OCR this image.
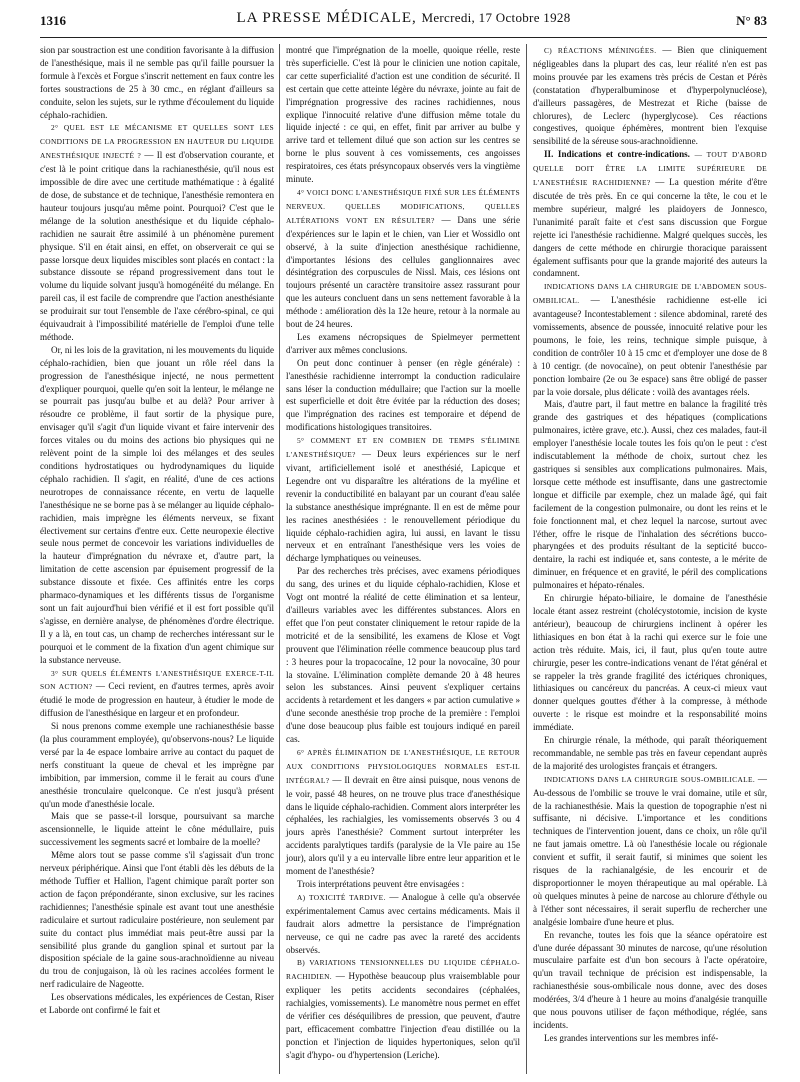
1316	LA PRESSE MÉDICALE, Mercredi, 17 Octobre 1928	N° 83

sion par soustraction est une condition favorisante à la diffusion de l'anesthésique, mais il ne semble pas qu'il faille poursuer la formule à l'excès et Forgue s'inscrit nettement en faux contre les fortes soustractions de 25 à 30 cmc., en réglant d'ailleurs sa conduite, selon les sujets, sur le rythme d'écoulement du liquide céphalo-rachidien.

2° QUEL EST LE MÉCANISME ET QUELLES SONT LES CONDITIONS DE LA PROGRESSION EN HAUTEUR DU LIQUIDE ANESTHÉSIQUE INJECTÉ ? — Il est d'observation courante, et c'est là le point critique dans la rachianesthésie, qu'il nous est impossible de dire avec une certitude mathématique : à égalité de dose, de substance et de technique, l'anesthésie remontera en hauteur toujours jusqu'au même point. Pourquoi? C'est que le mélange de la solution anesthésique et du liquide céphalo-rachidien ne saurait être assimilé à un phénomène purement physique. S'il en était ainsi, en effet, on observerait ce qui se passe lorsque deux liquides miscibles sont placés en contact : la substance dissoute se répand progressivement dans tout le volume du liquide solvant jusqu'à homogénéité du mélange. En pareil cas, il est facile de comprendre que l'action anesthésiante se produirait sur tout l'ensemble de l'axe cérébro-spinal, ce qui équivaudrait à l'impossibilité matérielle de l'emploi d'une telle méthode.

Or, ni les lois de la gravitation, ni les mouvements du liquide céphalo-rachidien, bien que jouant un rôle réel dans la progression de l'anesthésique injecté, ne nous permettent d'expliquer pourquoi, quelle qu'en soit la lenteur, le mélange ne se pourrait pas jusqu'au bulbe et au delà? Pour arriver à résoudre ce problème, il faut sortir de la physique pure, envisager qu'il s'agit d'un liquide vivant et faire intervenir des forces vitales ou du moins des actions bio physiques qui ne relèvent point de la simple loi des mélanges et des seules conditions hydrostatiques ou hydrodynamiques du liquide céphalo rachidien. Il s'agit, en réalité, d'une de ces actions neurotropes de connaissance récente, en vertu de laquelle l'anesthésique ne se borne pas à se mélanger au liquide céphalo-rachidien, mais imprègne les éléments nerveux, se fixant électivement sur certains d'entre eux. Cette neuropexie élective seule nous permet de concevoir les variations individuelles de la hauteur d'imprégnation du névraxe et, d'autre part, la limitation de cette ascension par épuisement progressif de la substance dissoute et fixée. Ces affinités entre les corps pharmaco-dynamiques et les différents tissus de l'organisme sont un fait aujourd'hui bien vérifié et il est fort possible qu'il s'agisse, en dernière analyse, de phénomènes d'ordre électrique. Il y a là, en tout cas, un champ de recherches intéressant sur le pourquoi et le comment de la fixation d'un agent chimique sur la substance nerveuse.

3° SUR QUELS ÉLÉMENTS L'ANESTHÉSIQUE EXERCE-T-IL SON ACTION? — Ceci revient, en d'autres termes, après avoir étudié le mode de progression en hauteur, à étudier le mode de diffusion de l'anesthésique en largeur et en profondeur.

Si nous prenons comme exemple une rachianesthésie basse (la plus couramment employée), qu'observons-nous? Le liquide versé par la 4e espace lombaire arrive au contact du paquet de nerfs constituant la queue de cheval et les imprègne par imbibition, par immersion, comme il le ferait au cours d'une anesthésie tronculaire quelconque. Ce n'est jusqu'à présent qu'un mode d'anesthésie locale.

Mais que se passe-t-il lorsque, poursuivant sa marche ascensionnelle, le liquide atteint le cône médullaire, puis successivement les segments sacré et lombaire de la moelle?

Même alors tout se passe comme s'il s'agissait d'un tronc nerveux périphérique. Ainsi que l'ont établi dès les débuts de la méthode Tuffier et Hallion, l'agent chimique paraît porter son action de façon prépondérante, sinon exclusive, sur les racines rachidiennes; l'anesthésie spinale est avant tout une anesthésie radiculaire et surtout radiculaire postérieure, non seulement par suite du contact plus immédiat mais peut-être aussi par la sensibilité plus grande du ganglion spinal et surtout par la disposition spéciale de la gaine sous-arachnoïdienne au niveau du trou de conjugaison, là où les racines accolées forment le nerf radiculaire de Nageotte.

Les observations médicales, les expériences de Cestan, Riser et Laborde ont confirmé le fait et

montré que l'imprégnation de la moelle, quoique réelle, reste très superficielle. C'est là pour le clinicien une notion capitale, car cette superficialité d'action est une condition de sécurité. Il est certain que cette atteinte légère du névraxe, jointe au fait de l'imprégnation progressive des racines rachidiennes, nous explique l'innocuité relative d'une diffusion même totale du liquide injecté : ce qui, en effet, finit par arriver au bulbe y arrive tard et tellement dilué que son action sur les centres se borne le plus souvent à ces vomissements, ces angoisses respiratoires, ces états présyncopaux observés vers la vingtième minute.

4° VOICI DONC L'ANESTHÉSIQUE FIXÉ SUR LES ÉLÉMENTS NERVEUX. QUELLES MODIFICATIONS, QUELLES ALTÉRATIONS VONT EN RÉSULTER? — Dans une série d'expériences sur le lapin et le chien, van Lier et Wossidlo ont observé, à la suite d'injection anesthésique rachidienne, d'importantes lésions des cellules ganglionnaires avec désintégration des corpuscules de Nissl. Mais, ces lésions ont toujours présenté un caractère transitoire assez rassurant pour que les auteurs concluent dans un sens nettement favorable à la méthode : amélioration dès la 12e heure, retour à la normale au bout de 24 heures.

Les examens nécropsiques de Spielmeyer permettent d'arriver aux mêmes conclusions.

On peut donc continuer à penser (en règle générale) : l'anesthésie rachidienne interrompt la conduction radiculaire sans léser la conduction médullaire; que l'action sur la moelle est superficielle et doit être évitée par la réduction des doses; que l'imprégnation des racines est temporaire et dépend de modifications histologiques transitoires.

5° COMMENT ET EN COMBIEN DE TEMPS S'ÉLIMINE L'ANESTHÉSIQUE? — Deux leurs expériences sur le nerf vivant, artificiellement isolé et anesthésié, Lapicque et Legendre ont vu disparaître les altérations de la myéline et revenir la conductibilité en balayant par un courant d'eau salée la substance anesthésique imprégnante. Il en est de même pour les racines anesthésiées : le renouvellement périodique du liquide céphalo-rachidien agira, lui aussi, en lavant le tissu nerveux et en entraînant l'anesthésique vers les voies de décharge lymphatiques ou veineuses.

Par des recherches très précises, avec examens périodiques du sang, des urines et du liquide céphalo-rachidien, Klose et Vogt ont montré la réalité de cette élimination et sa lenteur, d'ailleurs variables avec les différentes substances. Alors en effet que l'on peut constater cliniquement le retour rapide de la motricité et de la sensibilité, les examens de Klose et Vogt prouvent que l'élimination réelle commence beaucoup plus tard : 3 heures pour la tropacocaïne, 12 pour la novocaïne, 30 pour la stovaïne. L'élimination complète demande 20 à 48 heures selon les substances. Ainsi peuvent s'expliquer certains accidents à retardement et les dangers « par action cumulative » d'une seconde anesthésie trop proche de la première : l'emploi d'une dose beaucoup plus faible est toujours indiqué en pareil cas.

6° APRÈS ÉLIMINATION DE L'ANESTHÉSIQUE, LE RETOUR AUX CONDITIONS PHYSIOLOGIQUES NORMALES EST-IL INTÉGRAL? — Il devrait en être ainsi puisque, nous venons de le voir, passé 48 heures, on ne trouve plus trace d'anesthésique dans le liquide céphalo-rachidien. Comment alors interpréter les céphalées, les rachialgies, les vomissements observés 3 ou 4 jours après l'anesthésie? Comment surtout interpréter les accidents paralytiques tardifs (paralysie de la VIe paire au 15e jour), alors qu'il y a eu intervalle libre entre leur apparition et le moment de l'anesthésie?

Trois interprétations peuvent être envisagées :

A) TOXICITÉ TARDIVE. — Analogue à celle qu'a observée expérimentalement Camus avec certains médicaments. Mais il faudrait alors admettre la persistance de l'imprégnation nerveuse, ce qui ne cadre pas avec la rareté des accidents observés.

B) VARIATIONS TENSIONNELLES DU LIQUIDE CÉPHALO-RACHIDIEN. — Hypothèse beaucoup plus vraisemblable pour expliquer les petits accidents secondaires (céphalées, rachialgies, vomissements). Le manomètre nous permet en effet de vérifier ces déséquilibres de pression, que peuvent, d'autre part, efficacement combattre l'injection d'eau distillée ou la ponction et l'injection de liquides hypertoniques, selon qu'il s'agit d'hypo- ou d'hypertension (Leriche).

C) RÉACTIONS MÉNINGÉES. — Bien que cliniquement négligeables dans la plupart des cas, leur réalité n'en est pas moins prouvée par les examens très précis de Cestan et Pérès (constatation d'hyperalbuminose et d'hyperpolynucléose), d'ailleurs passagères, de Mestrezat et Riche (baisse de chlorures), de Leclerc (hyperglycose). Ces réactions congestives, quoique éphémères, montrent bien l'exquise sensibilité de la séreuse sous-arachnoïdienne.

II. Indications et contre-indications. — TOUT D'ABORD QUELLE DOIT ÊTRE LA LIMITE SUPÉRIEURE DE L'ANESTHÉSIE RACHIDIENNE? — La question mérite d'être discutée de très près. En ce qui concerne la tête, le cou et le membre supérieur, malgré les plaidoyers de Jonnesco, l'unanimité paraît faite et c'est sans discussion que Forgue rejette ici l'anesthésie rachidienne. Malgré quelques succès, les dangers de cette méthode en chirurgie thoracique paraissent également suffisants pour que la grande majorité des auteurs la condamnent.

INDICATIONS DANS LA CHIRURGIE DE L'ABDOMEN SOUS-OMBILICAL. — L'anesthésie rachidienne est-elle ici avantageuse? Incontestablement : silence abdominal, rareté des vomissements, absence de poussée, innocuité relative pour les poumons, le foie, les reins, technique simple puisque, à condition de contrôler 10 à 15 cmc et d'employer une dose de 8 à 10 centigr. (de novocaïne), on peut obtenir l'anesthésie par ponction lombaire (2e ou 3e espace) sans être obligé de passer par la voie dorsale, plus délicate : voilà des avantages réels.

Mais, d'autre part, il faut mettre en balance la fragilité très grande des gastriques et des hépatiques (complications pulmonaires, ictère grave, etc.). Aussi, chez ces malades, faut-il employer l'anesthésie locale toutes les fois qu'on le peut : c'est indiscutablement la méthode de choix, surtout chez les gastriques si sensibles aux complications pulmonaires. Mais, lorsque cette méthode est insuffisante, dans une gastrectomie longue et difficile par exemple, chez un malade âgé, qui fait facilement de la congestion pulmonaire, ou dont les reins et le foie fonctionnent mal, et chez lequel la narcose, surtout avec l'éther, offre le risque de l'inhalation des sécrétions bucco-pharyngées et des produits résultant de la septicité bucco-dentaire, la rachi est indiquée et, sans conteste, a le mérite de diminuer, en fréquence et en gravité, le péril des complications pulmonaires et hépato-rénales.

En chirurgie hépato-biliaire, le domaine de l'anesthésie locale étant assez restreint (cholécystotomie, incision de kyste antérieur), beaucoup de chirurgiens inclinent à opérer les lithiasiques en bon état à la rachi qui exerce sur le foie une action très réduite. Mais, ici, il faut, plus qu'en toute autre chirurgie, peser les contre-indications venant de l'état général et se rappeler la très grande fragilité des ictériques chroniques, lithiasiques ou cancéreux du pancréas. A ceux-ci mieux vaut donner quelques gouttes d'éther à la compresse, à méthode ouverte : le risque est moindre et la responsabilité moins immédiate.

En chirurgie rénale, la méthode, qui paraît théoriquement recommandable, ne semble pas très en faveur cependant auprès de la majorité des urologistes français et étrangers.

INDICATIONS DANS LA CHIRURGIE SOUS-OMBILICALE. — Au-dessous de l'ombilic se trouve le vrai domaine, utile et sûr, de la rachianesthésie. Mais la question de topographie n'est ni suffisante, ni décisive. L'importance et les conditions techniques de l'intervention jouent, dans ce choix, un rôle qu'il ne faut jamais omettre. Là où l'anesthésie locale ou régionale convient et suffit, il serait fautif, si minimes que soient les risques de la rachianalgésie, de les encourir et de disproportionner le moyen thérapeutique au mal opérable. Là où quelques minutes à peine de narcose au chlorure d'éthyle ou à l'éther sont nécessaires, il serait superflu de rechercher une analgésie lombaire d'une heure et plus.

En revanche, toutes les fois que la séance opératoire est d'une durée dépassant 30 minutes de narcose, qu'une résolution musculaire parfaite est d'un bon secours à l'acte opératoire, qu'un travail technique de précision est indispensable, la rachianesthésie sous-ombilicale nous donne, avec des doses modérées, 3/4 d'heure à 1 heure au moins d'analgésie tranquille que nous pouvons utiliser de façon méthodique, réglée, sans incidents.

Les grandes interventions sur les membres infé-
